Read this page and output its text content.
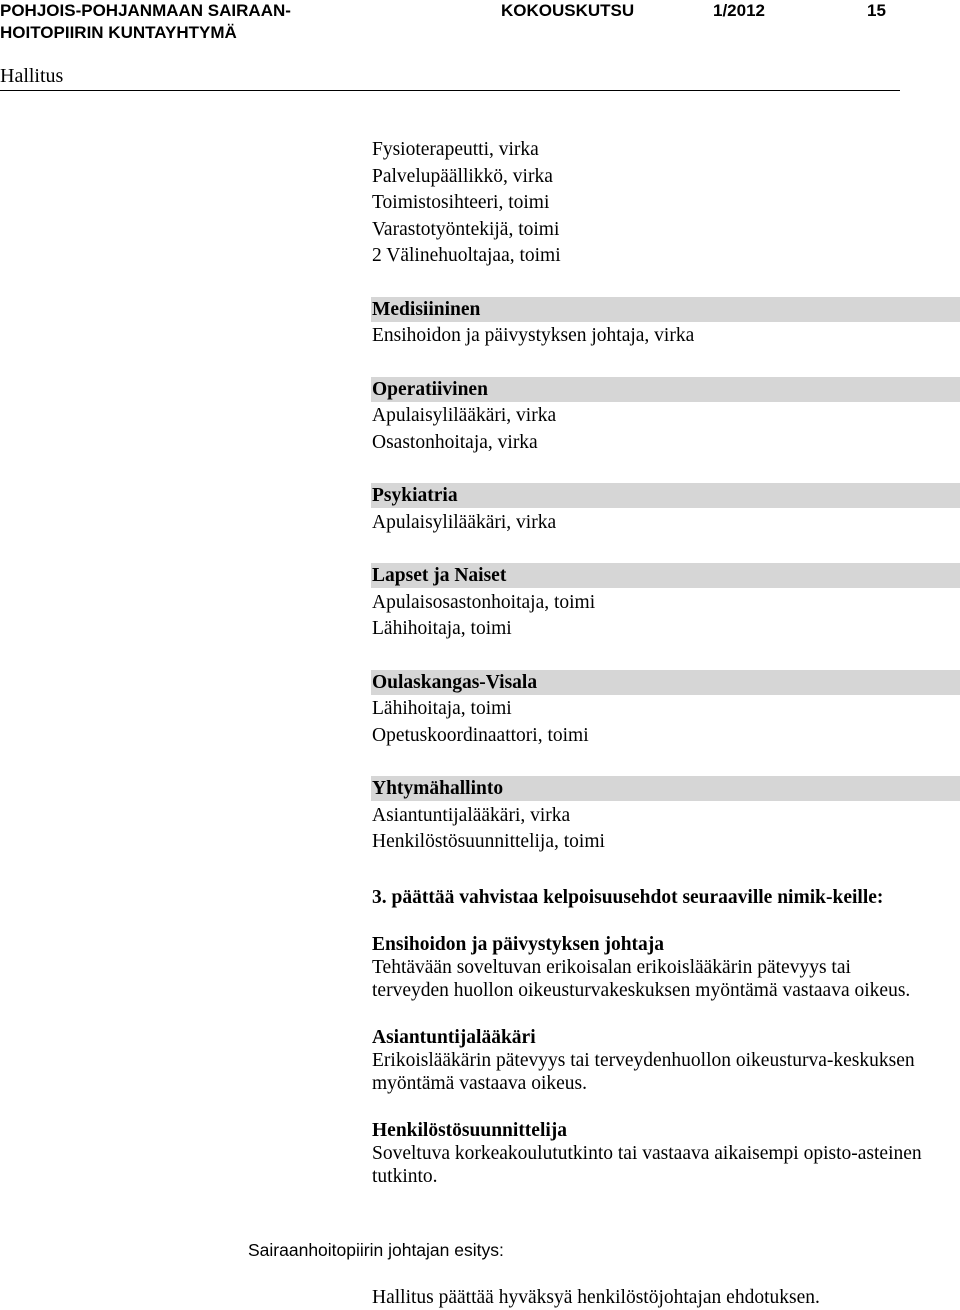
POHJOIS-POHJANMAAN SAIRAAN-
HOITOPIIRIN KUNTAYHTYMÄ
KOKOUSKUTSU	1/2012	15
Hallitus
Fysioterapeutti, virka
Palvelupäällikkö, virka
Toimistosihteeri, toimi
Varastotyöntekijä, toimi
2 Välinehuoltajaa, toimi
Medisiininen
Ensihoidon ja päivystyksen johtaja, virka
Operatiivinen
Apulaisylilääkäri, virka
Osastonhoitaja, virka
Psykiatria
Apulaisylilääkäri, virka
Lapset ja Naiset
Apulaisosastonhoitaja, toimi
Lähihoitaja, toimi
Oulaskangas-Visala
Lähihoitaja, toimi
Opetuskoordinaattori, toimi
Yhtymähallinto
Asiantuntijalääkäri, virka
Henkilöstösuunnittelija, toimi
3. päättää vahvistaa kelpoisuusehdot seuraaville nimik-keille:
Ensihoidon ja päivystyksen johtaja
Tehtävään soveltuvan erikoisalan erikoislääkärin pätevyys tai terveyden huollon oikeusturvakeskuksen myöntämä vastaava oikeus.
Asiantuntijalääkäri
Erikoislääkärin pätevyys tai terveydenhuollon oikeusturva-keskuksen myöntämä vastaava oikeus.
Henkilöstösuunnittelija
Soveltuva korkeakoulututkinto tai vastaava aikaisempi opisto-asteinen tutkinto.
Sairaanhoitopiirin johtajan esitys:
Hallitus päättää hyväksyä henkilöstöjohtajan ehdotuksen.
